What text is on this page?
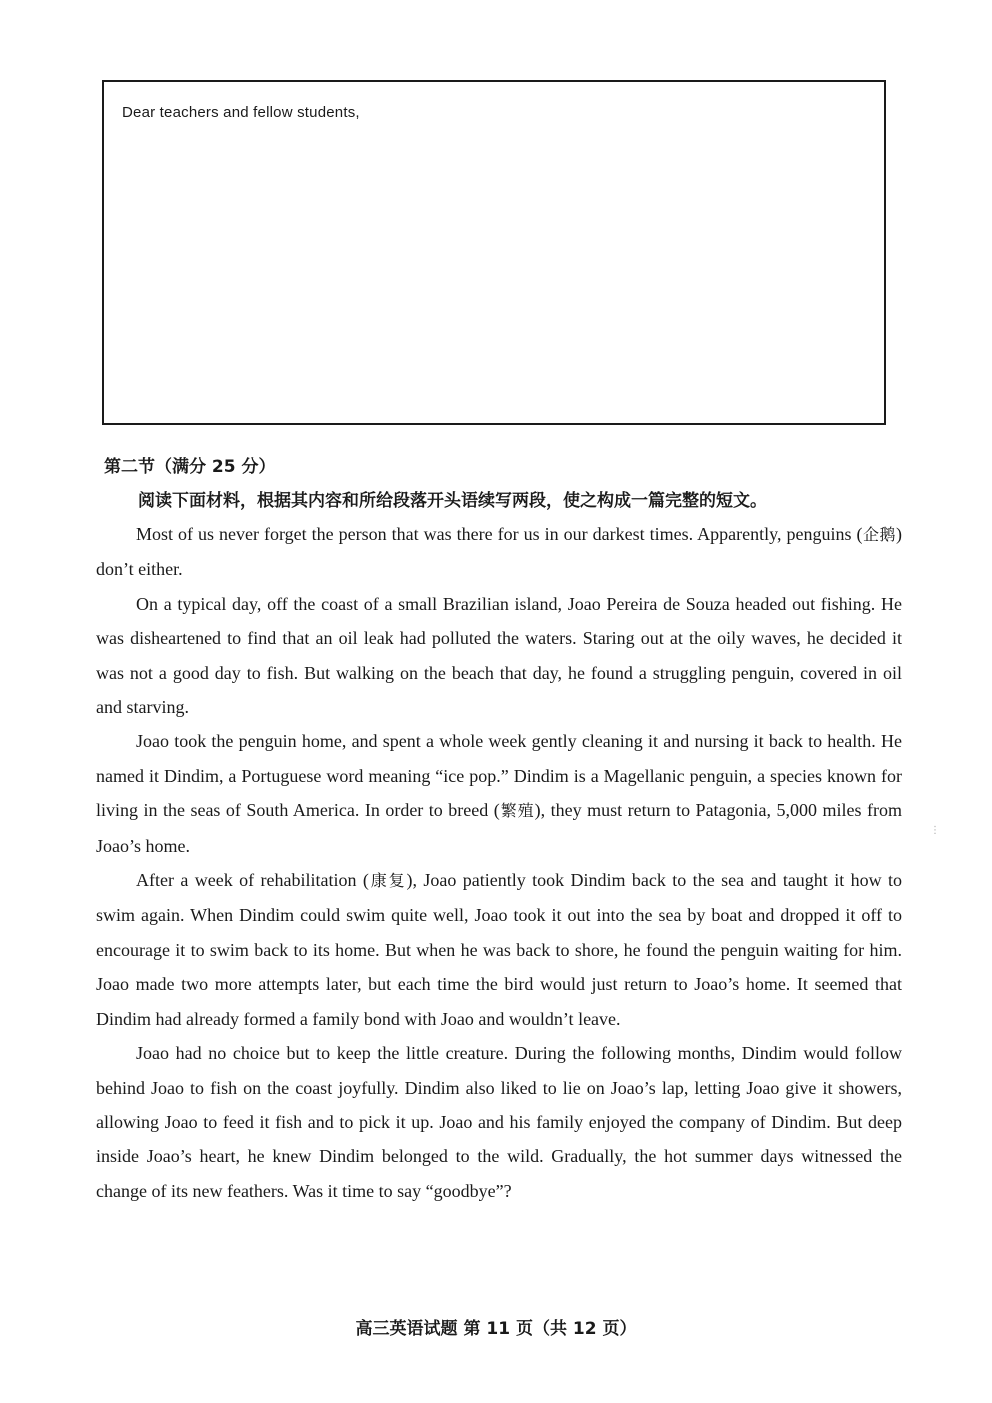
Dear teachers and fellow students,
第二节（满分 25 分）
阅读下面材料，根据其内容和所给段落开头语续写两段，使之构成一篇完整的短文。

Most of us never forget the person that was there for us in our darkest times. Apparently, penguins (企鹅) don’t either.

On a typical day, off the coast of a small Brazilian island, Joao Pereira de Souza headed out fishing. He was disheartened to find that an oil leak had polluted the waters. Staring out at the oily waves, he decided it was not a good day to fish. But walking on the beach that day, he found a struggling penguin, covered in oil and starving.

Joao took the penguin home, and spent a whole week gently cleaning it and nursing it back to health. He named it Dindim, a Portuguese word meaning “ice pop.” Dindim is a Magellanic penguin, a species known for living in the seas of South America. In order to breed (繁殖), they must return to Patagonia, 5,000 miles from Joao’s home.

After a week of rehabilitation (康复), Joao patiently took Dindim back to the sea and taught it how to swim again. When Dindim could swim quite well, Joao took it out into the sea by boat and dropped it off to encourage it to swim back to its home. But when he was back to shore, he found the penguin waiting for him. Joao made two more attempts later, but each time the bird would just return to Joao’s home. It seemed that Dindim had already formed a family bond with Joao and wouldn’t leave.

Joao had no choice but to keep the little creature. During the following months, Dindim would follow behind Joao to fish on the coast joyfully. Dindim also liked to lie on Joao’s lap, letting Joao give it showers, allowing Joao to feed it fish and to pick it up. Joao and his family enjoyed the company of Dindim. But deep inside Joao’s heart, he knew Dindim belonged to the wild. Gradually, the hot summer days witnessed the change of its new feathers. Was it time to say “goodbye”?

⋮
高三英语试题 第 11 页（共 12 页）
